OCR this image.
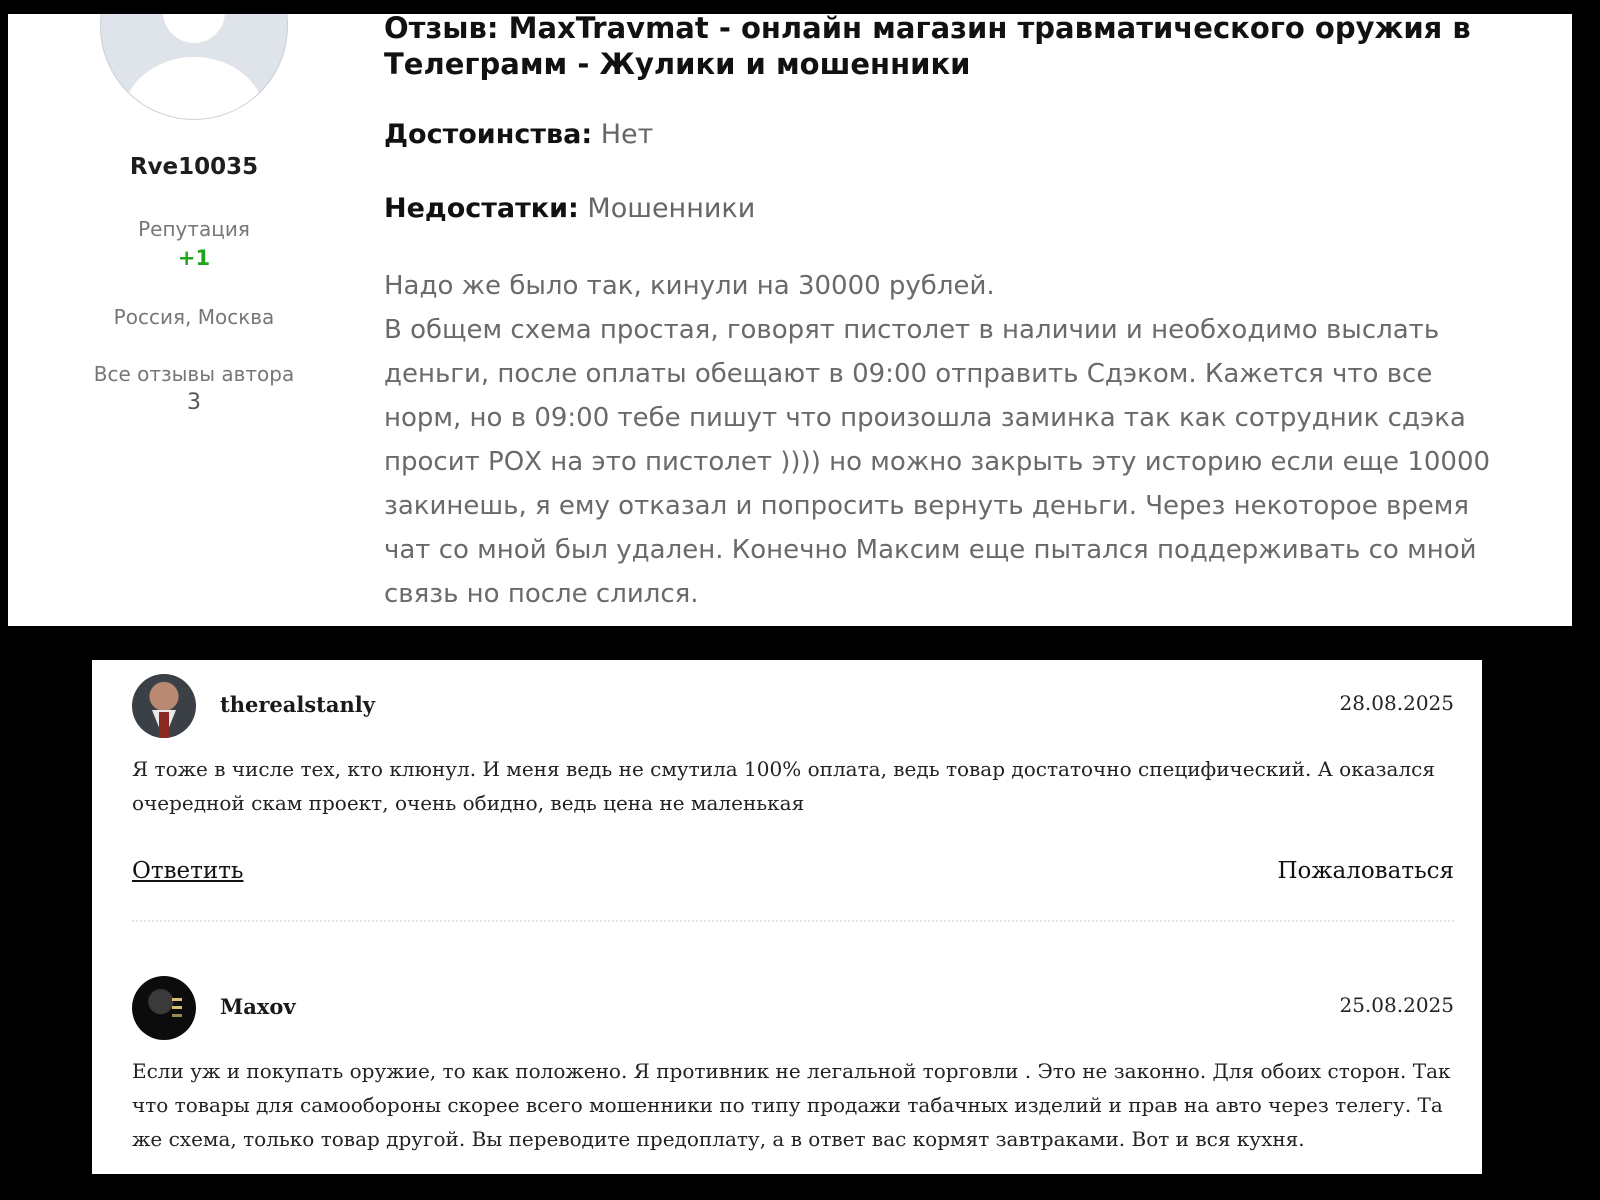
Rve10035
Репутация
+1
Россия, Москва
Все отзывы автора
3
Отзыв: MaxTravmat - онлайн магазин травматического оружия в Телеграмм - Жулики и мошенники
Достоинства: Нет
Недостатки: Мошенники

Надо же было так, кинули на 30000 рублей.

В общем схема простая, говорят пистолет в наличии и необходимо выслать деньги, после оплаты обещают в 09:00 отправить Сдэком. Кажется что все норм, но в 09:00 тебе пишут что произошла заминка так как сотрудник сдэка просит РОХ на это пистолет )))) но можно закрыть эту историю если еще 10000 закинешь, я ему отказал и попросить вернуть деньги. Через некоторое время чат со мной был удален. Конечно Максим еще пытался поддерживать со мной связь но после слился.

therealstanly	28.08.2025

Я тоже в числе тех, кто клюнул. И меня ведь не смутила 100% оплата, ведь товар достаточно специфический. А оказался очередной скам проект, очень обидно, ведь цена не маленькая

Ответить	Пожаловаться
Maxov	25.08.2025

Если уж и покупать оружие, то как положено. Я противник не легальной торговли . Это не законно. Для обоих сторон. Так что товары для самообороны скорее всего мошенники по типу продажи табачных изделий и прав на авто через телегу. Та же схема, только товар другой. Вы переводите предоплату, а в ответ вас кормят завтраками. Вот и вся кухня.
